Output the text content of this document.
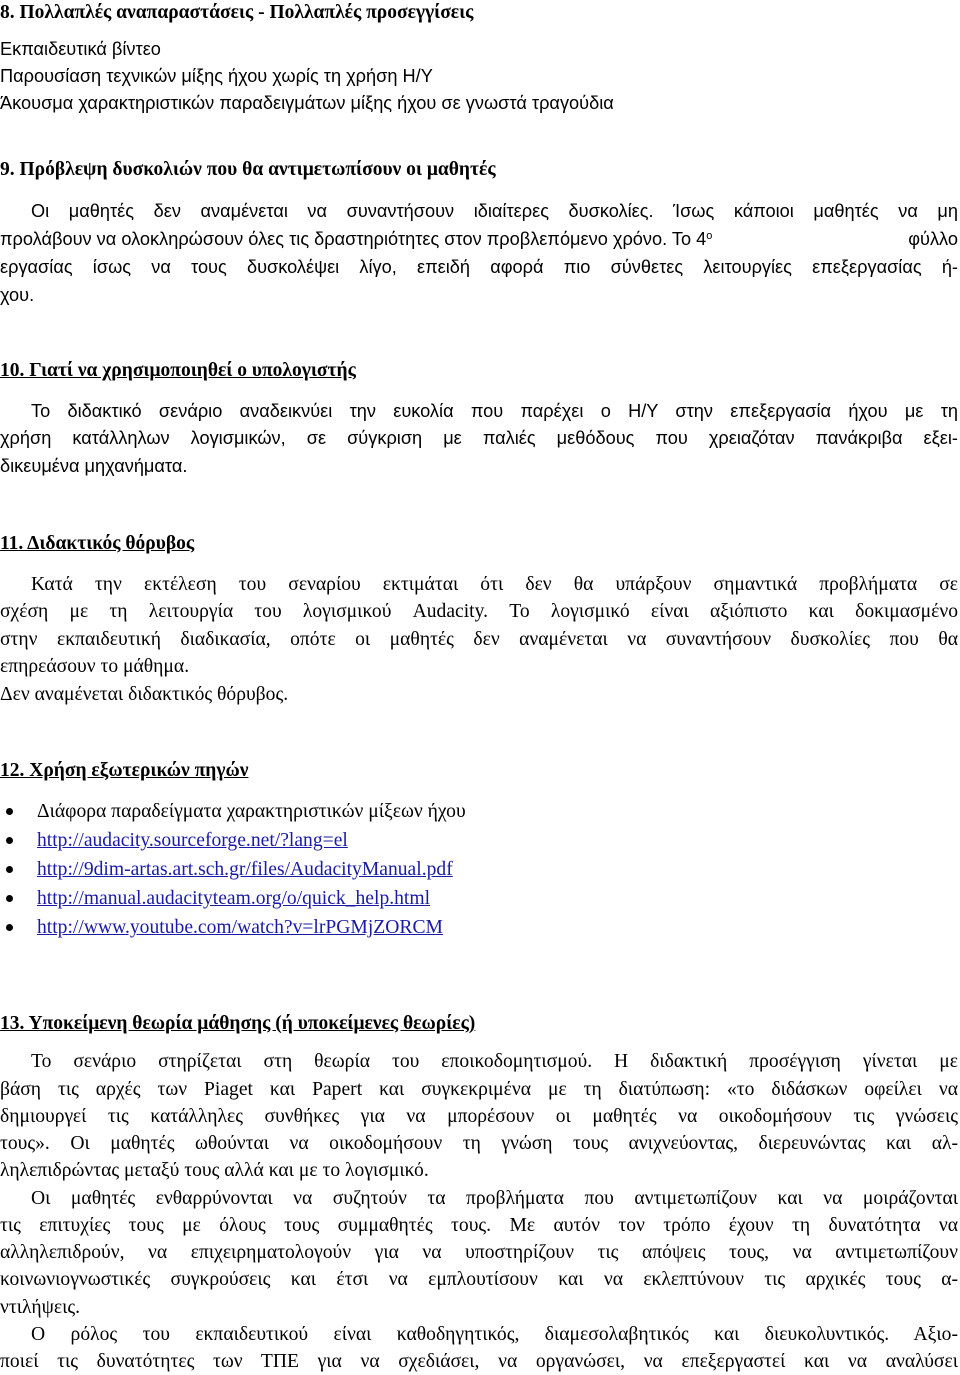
8. Πολλαπλές αναπαραστάσεις - Πολλαπλές προσεγγίσεις
Εκπαιδευτικά βίντεο
Παρουσίαση τεχνικών μίξης ήχου χωρίς τη χρήση Η/Υ
Άκουσμα χαρακτηριστικών παραδειγμάτων μίξης ήχου σε γνωστά τραγούδια
9. Πρόβλεψη δυσκολιών που θα αντιμετωπίσουν οι μαθητές
Οι μαθητές δεν αναμένεται να συναντήσουν ιδιαίτερες δυσκολίες. Ίσως κάποιοι μαθητές να μη
προλάβουν να ολοκληρώσουν όλες τις δραστηριότητες στον προβλεπόμενο χρόνο. Το $4^o$	φύλλο
εργασίας ίσως να τους δυσκολέψει λίγο, επειδή αφορά πιο σύνθετες λειτουργίες επεξεργασίας ή-
χου.
10. Γιατί να χρησιμοποιηθεί ο υπολογιστής
Το διδακτικό σενάριο αναδεικνύει την ευκολία που παρέχει ο Η/Υ στην επεξεργασία ήχου με τη
χρήση κατάλληλων λογισμικών, σε σύγκριση με παλιές μεθόδους που χρειαζόταν πανάκριβα εξει-
δικευμένα μηχανήματα.
11. Διδακτικός θόρυβος
Κατά την εκτέλεση του σεναρίου εκτιμάται ότι δεν θα υπάρξουν σημαντικά προβλήματα σε
σχέση με τη λειτουργία του λογισμικού Audacity. Το λογισμικό είναι αξιόπιστο και δοκιμασμένο
στην εκπαιδευτική διαδικασία, οπότε οι μαθητές δεν αναμένεται να συναντήσουν δυσκολίες που θα
επηρεάσουν το μάθημα.
Δεν αναμένεται διδακτικός θόρυβος.
12. Χρήση εξωτερικών πηγών
Διάφορα παραδείγματα χαρακτηριστικών μίξεων ήχου
http://audacity.sourceforge.net/?lang=el
http://9dim-artas.art.sch.gr/files/AudacityManual.pdf
http://manual.audacityteam.org/o/quick_help.html
http://www.youtube.com/watch?v=lrPGMjZORCM
13. Υποκείμενη θεωρία μάθησης (ή υποκείμενες θεωρίες)
Το σενάριο στηρίζεται στη θεωρία του εποικοδομητισμού. Η διδακτική προσέγγιση γίνεται με
βάση τις αρχές των Piaget και Papert και συγκεκριμένα με τη διατύπωση: «το διδάσκων οφείλει να
δημιουργεί τις κατάλληλες συνθήκες για να μπορέσουν οι μαθητές να οικοδομήσουν τις γνώσεις
τους». Οι μαθητές ωθούνται να οικοδομήσουν τη γνώση τους ανιχνεύοντας, διερευνώντας και αλ-
ληλεπιδρώντας μεταξύ τους αλλά και με το λογισμικό.
Οι μαθητές ενθαρρύνονται να συζητούν τα προβλήματα που αντιμετωπίζουν και να μοιράζονται
τις επιτυχίες τους με όλους τους συμμαθητές τους. Με αυτόν τον τρόπο έχουν τη δυνατότητα να
αλληλεπιδρούν, να επιχειρηματολογούν για να υποστηρίζουν τις απόψεις τους, να αντιμετωπίζουν
κοινωνιογνωστικές συγκρούσεις και έτσι να εμπλουτίσουν και να εκλεπτύνουν τις αρχικές τους α-
ντιλήψεις.
Ο ρόλος του εκπαιδευτικού είναι καθοδηγητικός, διαμεσολαβητικός και διευκολυντικός. Αξιο-
ποιεί τις δυνατότητες των ΤΠΕ για να σχεδιάσει, να οργανώσει, να επεξεργαστεί και να αναλύσει
